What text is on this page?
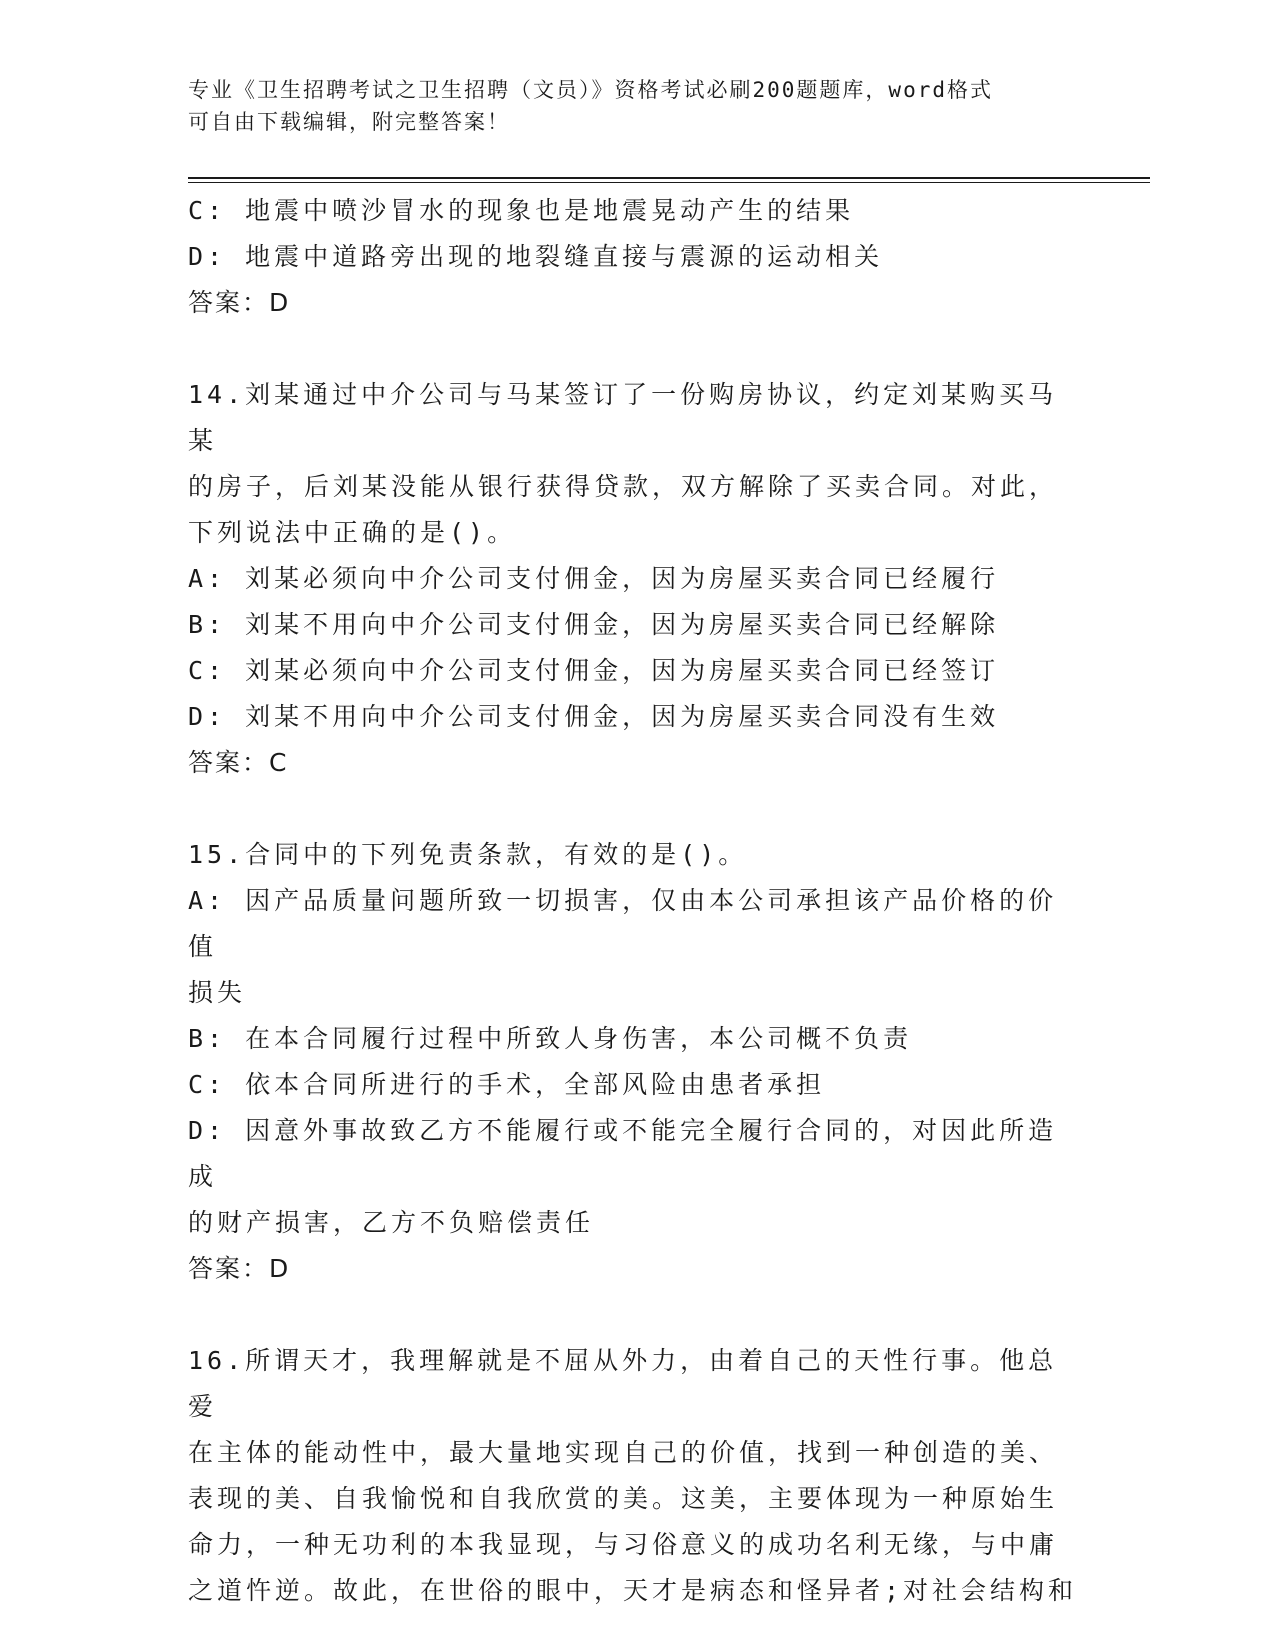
专业《卫生招聘考试之卫生招聘（文员）》资格考试必刷200题题库，word格式
可自由下载编辑，附完整答案！
C: 地震中喷沙冒水的现象也是地震晃动产生的结果
D: 地震中道路旁出现的地裂缝直接与震源的运动相关
答案：D
14.刘某通过中介公司与马某签订了一份购房协议，约定刘某购买马某
的房子，后刘某没能从银行获得贷款，双方解除了买卖合同。对此，
下列说法中正确的是()。
A: 刘某必须向中介公司支付佣金，因为房屋买卖合同已经履行
B: 刘某不用向中介公司支付佣金，因为房屋买卖合同已经解除
C: 刘某必须向中介公司支付佣金，因为房屋买卖合同已经签订
D: 刘某不用向中介公司支付佣金，因为房屋买卖合同没有生效
答案：C
15.合同中的下列免责条款，有效的是()。
A: 因产品质量问题所致一切损害，仅由本公司承担该产品价格的价值
损失
B: 在本合同履行过程中所致人身伤害，本公司概不负责
C: 依本合同所进行的手术，全部风险由患者承担
D: 因意外事故致乙方不能履行或不能完全履行合同的，对因此所造成
的财产损害，乙方不负赔偿责任
答案：D
16.所谓天才，我理解就是不屈从外力，由着自己的天性行事。他总爱
在主体的能动性中，最大量地实现自己的价值，找到一种创造的美、
表现的美、自我愉悦和自我欣赏的美。这美，主要体现为一种原始生
命力，一种无功利的本我显现，与习俗意义的成功名利无缘，与中庸
之道忤逆。故此，在世俗的眼中，天才是病态和怪异者;对社会结构和
